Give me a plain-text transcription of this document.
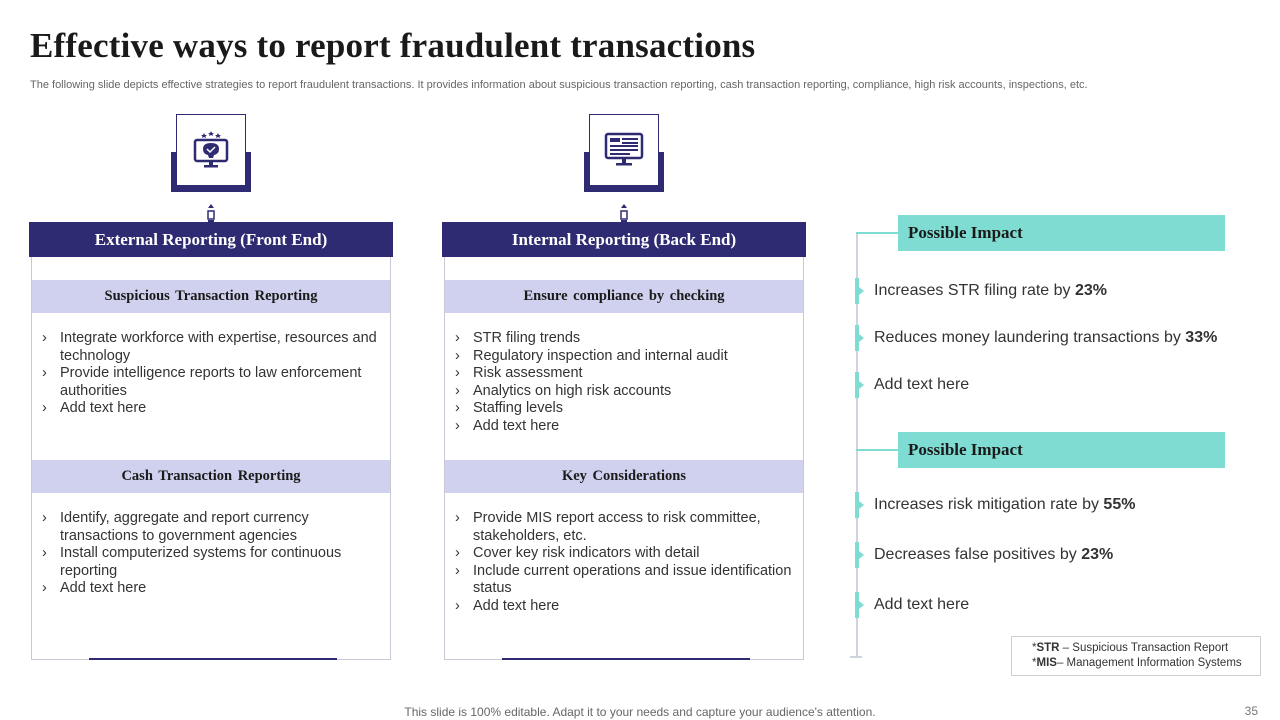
Effective ways to report fraudulent transactions
The following slide depicts effective strategies to report fraudulent transactions. It provides information about suspicious transaction reporting, cash transaction reporting, compliance, high risk accounts, inspections, etc.
External Reporting (Front End)
Suspicious Transaction Reporting
› Integrate workforce with expertise, resources and technology
› Provide intelligence reports to law enforcement authorities
› Add text here
Cash Transaction Reporting
› Identify, aggregate and report currency transactions to government agencies
› Install computerized systems for continuous reporting
› Add text here
Internal Reporting (Back End)
Ensure compliance by checking
› STR filing trends
› Regulatory inspection and internal audit
› Risk assessment
› Analytics on high risk accounts
› Staffing levels
› Add text here
Key Considerations
› Provide MIS report access to risk committee, stakeholders, etc.
› Cover key risk indicators with detail
› Include current operations and issue identification status
› Add text here
Possible Impact
Increases STR filing rate by 23%
Reduces money laundering transactions by 33%
Add text here
Possible Impact
Increases risk mitigation rate by 55%
Decreases false positives by 23%
Add text here
*STR – Suspicious Transaction Report
*MIS– Management Information Systems
This slide is 100% editable. Adapt it to your needs and capture your audience's attention.	35
